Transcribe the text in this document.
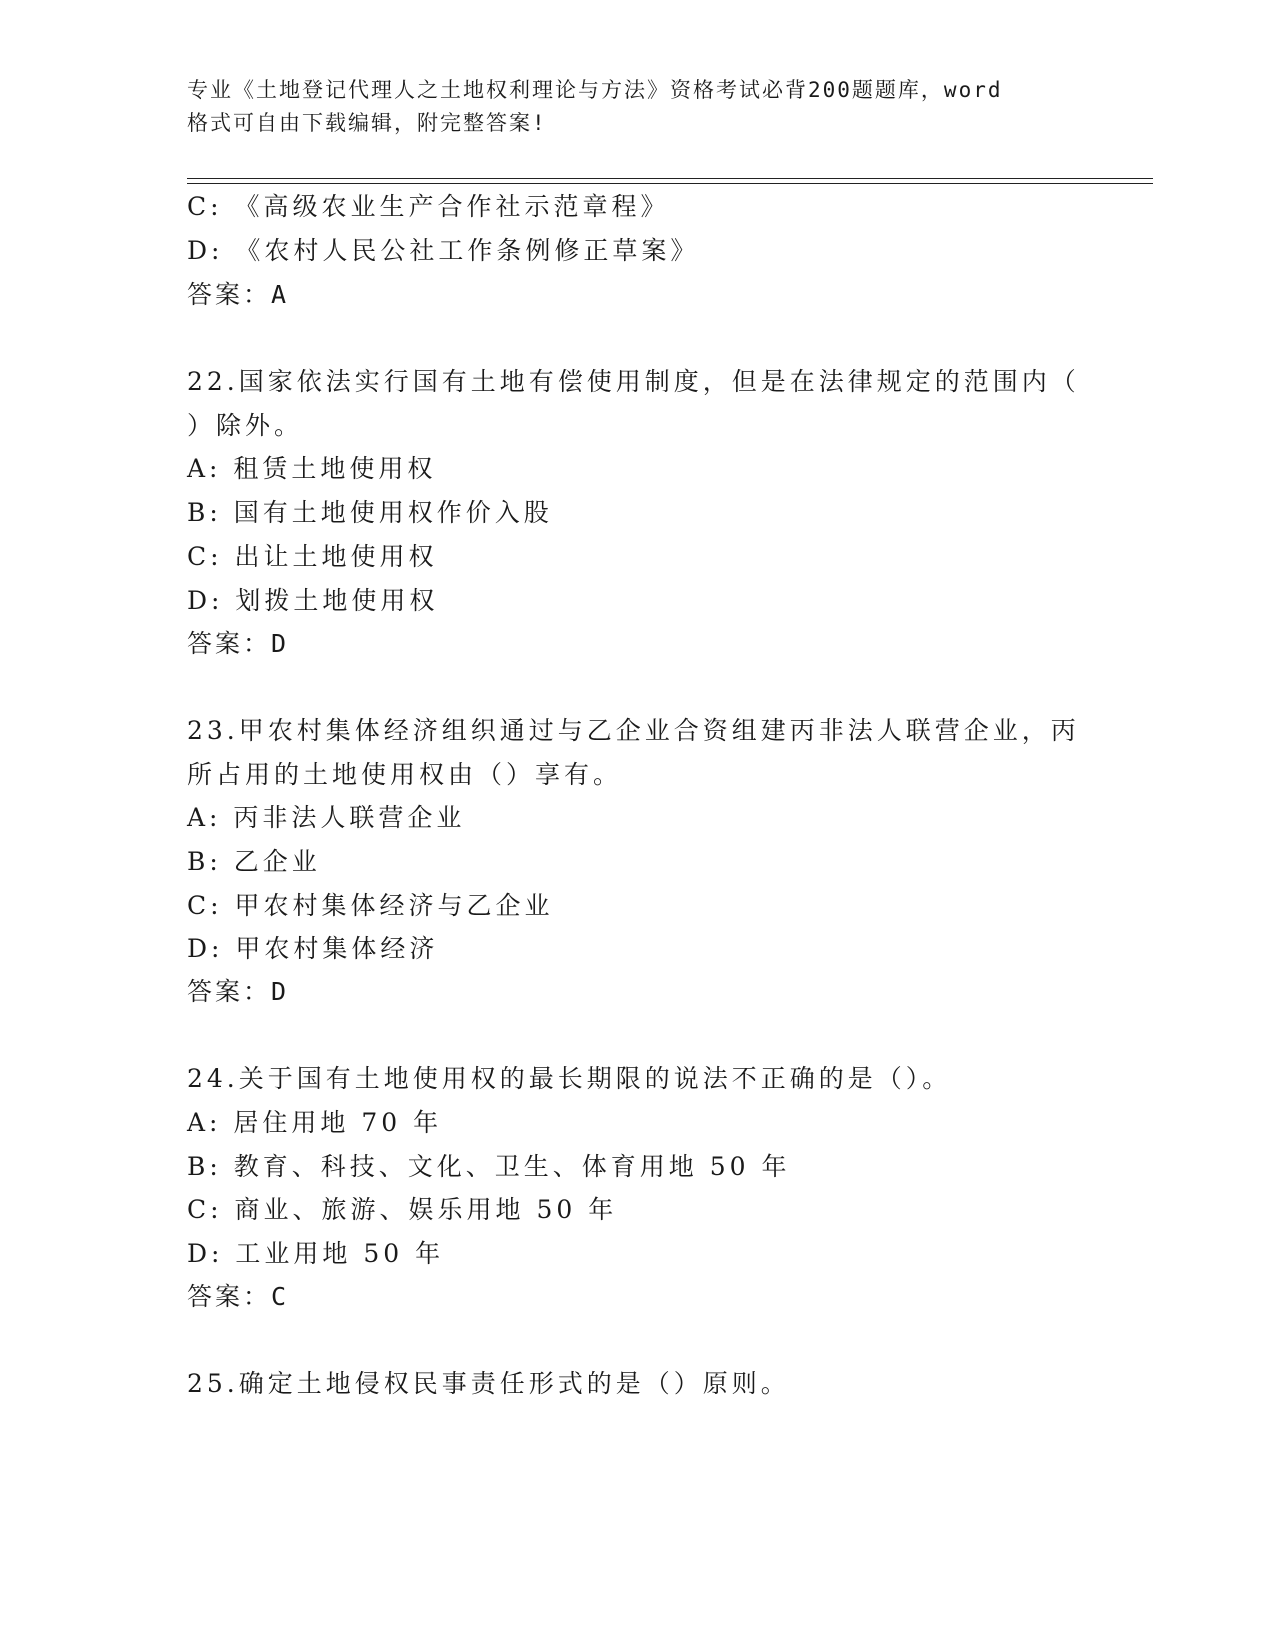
专业《土地登记代理人之土地权利理论与方法》资格考试必背200题题库，word
格式可自由下载编辑，附完整答案!
C: 《高级农业生产合作社示范章程》
D: 《农村人民公社工作条例修正草案》
答案：A
22.国家依法实行国有土地有偿使用制度，但是在法律规定的范围内（
）除外。
A: 租赁土地使用权
B: 国有土地使用权作价入股
C: 出让土地使用权
D: 划拨土地使用权
答案：D
23.甲农村集体经济组织通过与乙企业合资组建丙非法人联营企业，丙
所占用的土地使用权由（）享有。
A: 丙非法人联营企业
B: 乙企业
C: 甲农村集体经济与乙企业
D: 甲农村集体经济
答案：D
24.关于国有土地使用权的最长期限的说法不正确的是（）。
A: 居住用地 70 年
B: 教育、科技、文化、卫生、体育用地 50 年
C: 商业、旅游、娱乐用地 50 年
D: 工业用地 50 年
答案：C
25.确定土地侵权民事责任形式的是（）原则。
